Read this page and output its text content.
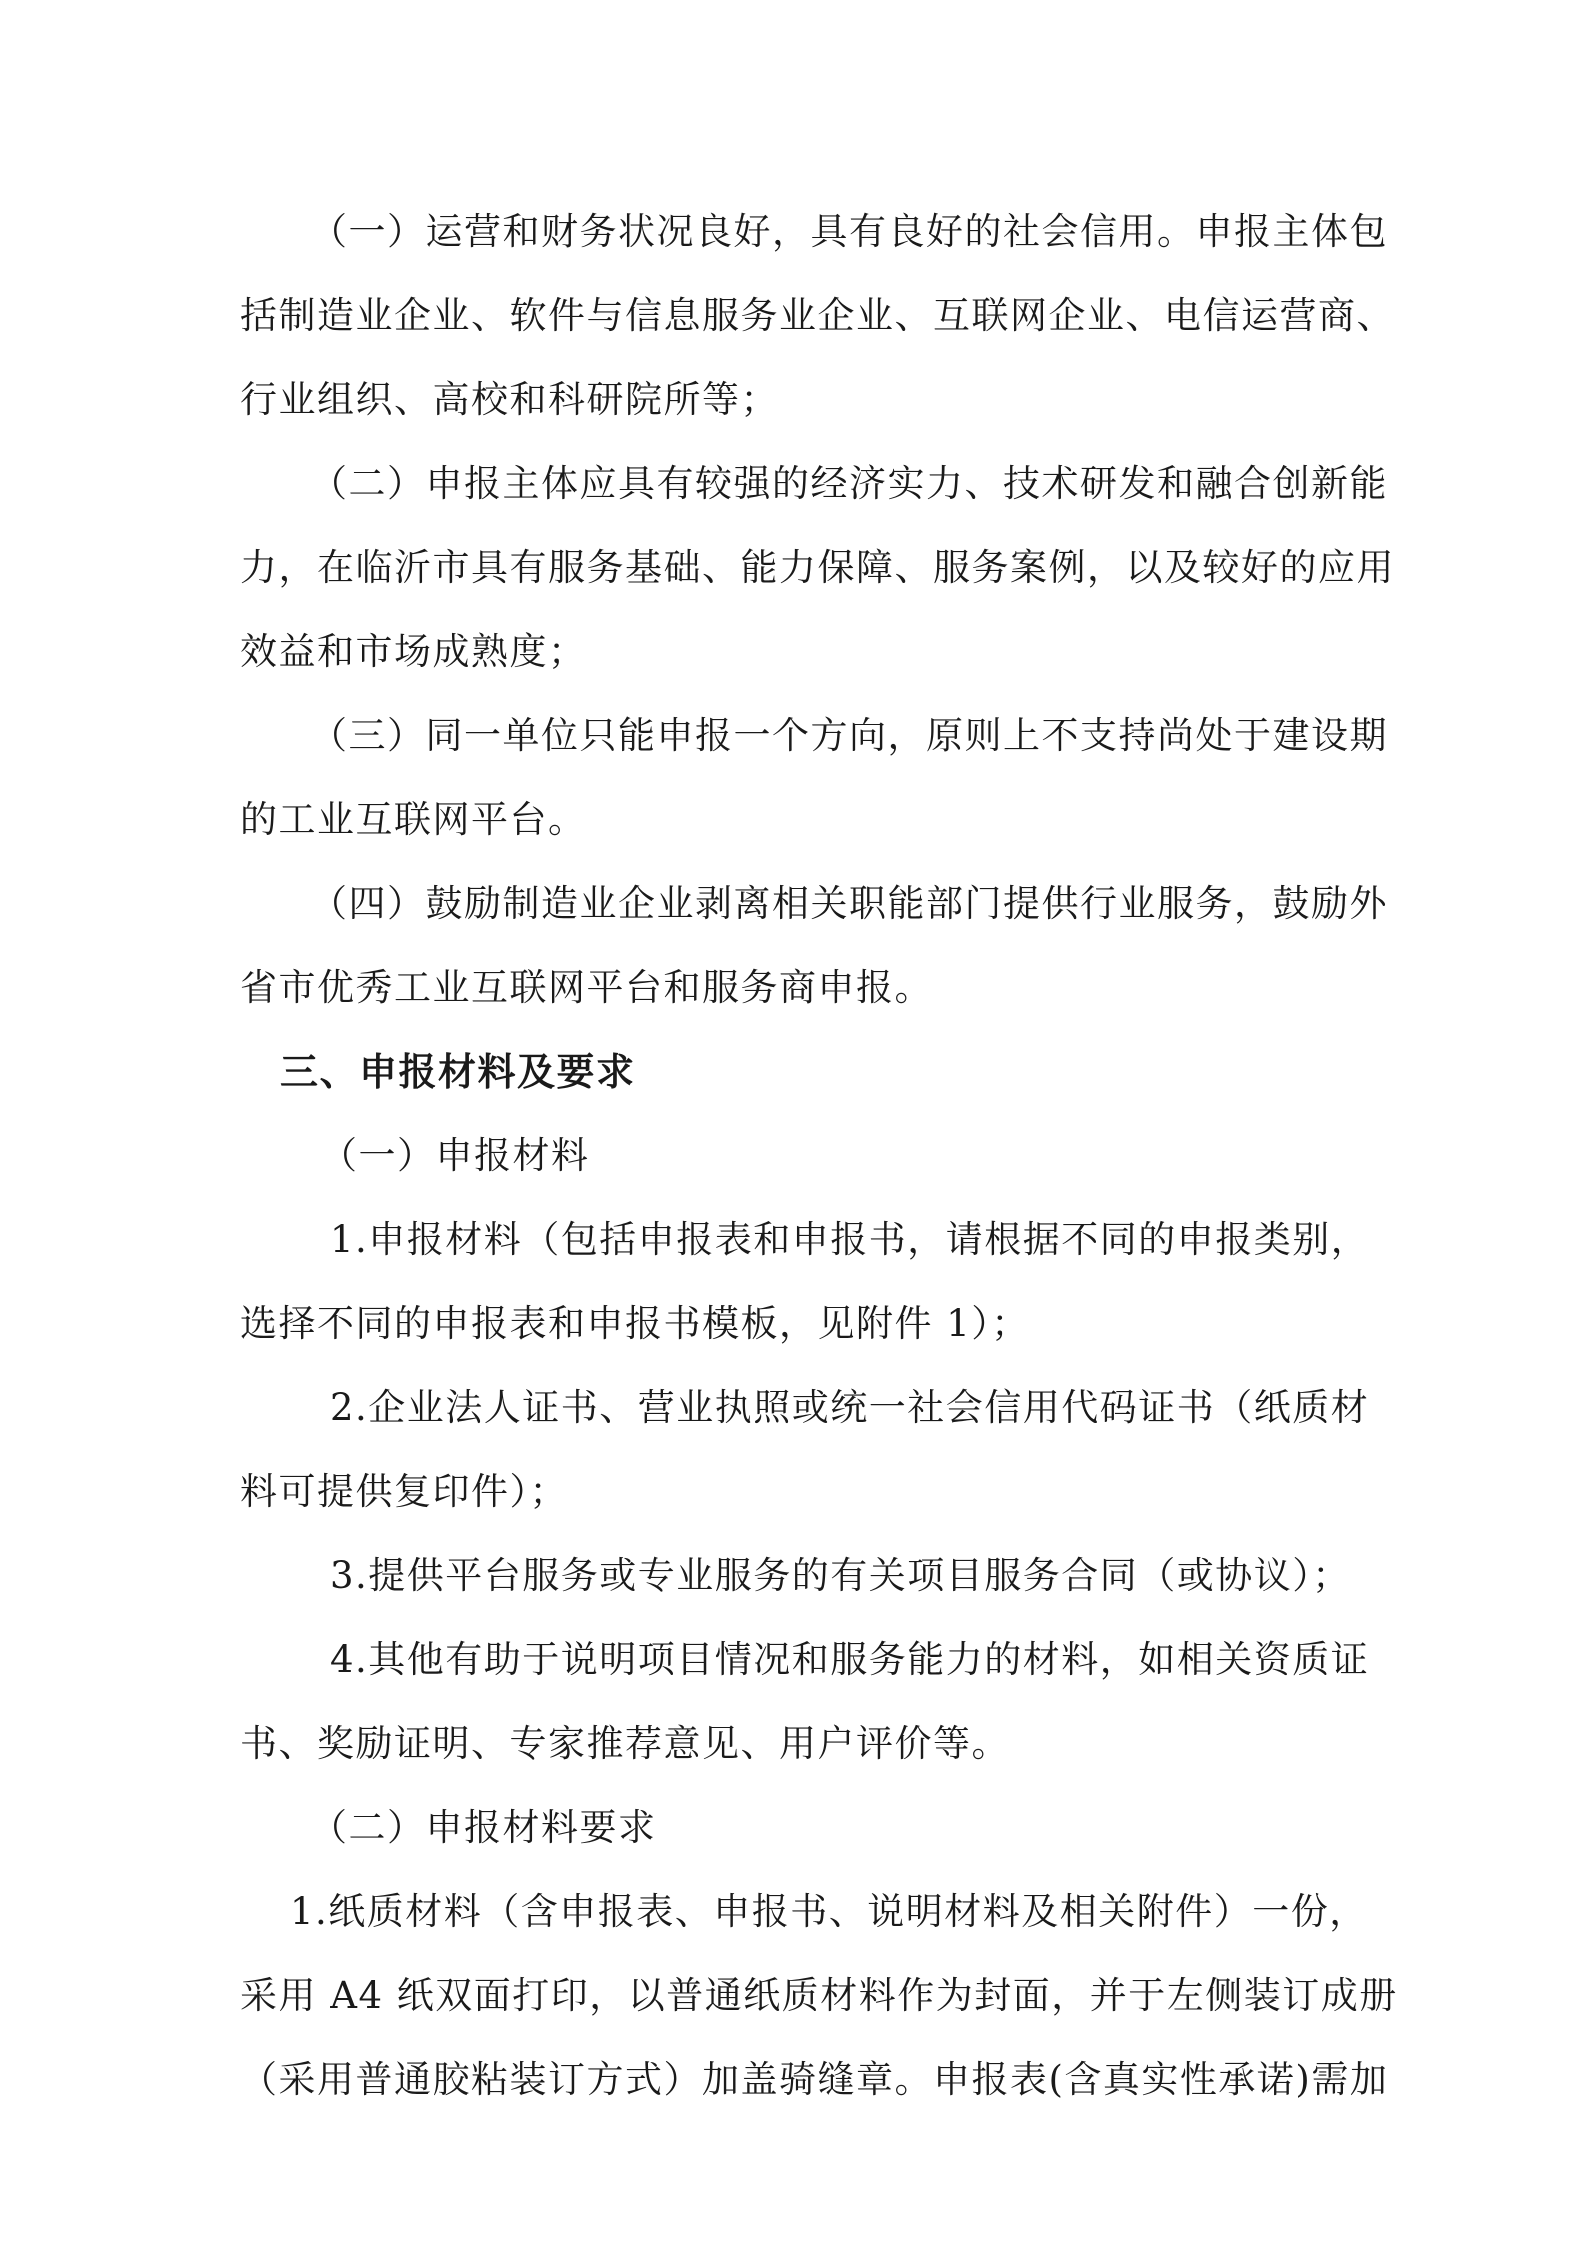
（一）运营和财务状况良好，具有良好的社会信用。申报主体包
括制造业企业、软件与信息服务业企业、互联网企业、电信运营商、
行业组织、高校和科研院所等；
（二）申报主体应具有较强的经济实力、技术研发和融合创新能
力，在临沂市具有服务基础、能力保障、服务案例，以及较好的应用
效益和市场成熟度；
（三）同一单位只能申报一个方向，原则上不支持尚处于建设期
的工业互联网平台。
（四）鼓励制造业企业剥离相关职能部门提供行业服务，鼓励外
省市优秀工业互联网平台和服务商申报。
三、申报材料及要求
（一）申报材料
1.申报材料（包括申报表和申报书，请根据不同的申报类别，
选择不同的申报表和申报书模板，见附件 1）；
2.企业法人证书、营业执照或统一社会信用代码证书（纸质材
料可提供复印件）；
3.提供平台服务或专业服务的有关项目服务合同（或协议）；
4.其他有助于说明项目情况和服务能力的材料，如相关资质证
书、奖励证明、专家推荐意见、用户评价等。
（二）申报材料要求
1.纸质材料（含申报表、申报书、说明材料及相关附件）一份，
采用 A4 纸双面打印，以普通纸质材料作为封面，并于左侧装订成册
（采用普通胶粘装订方式）加盖骑缝章。申报表(含真实性承诺)需加
